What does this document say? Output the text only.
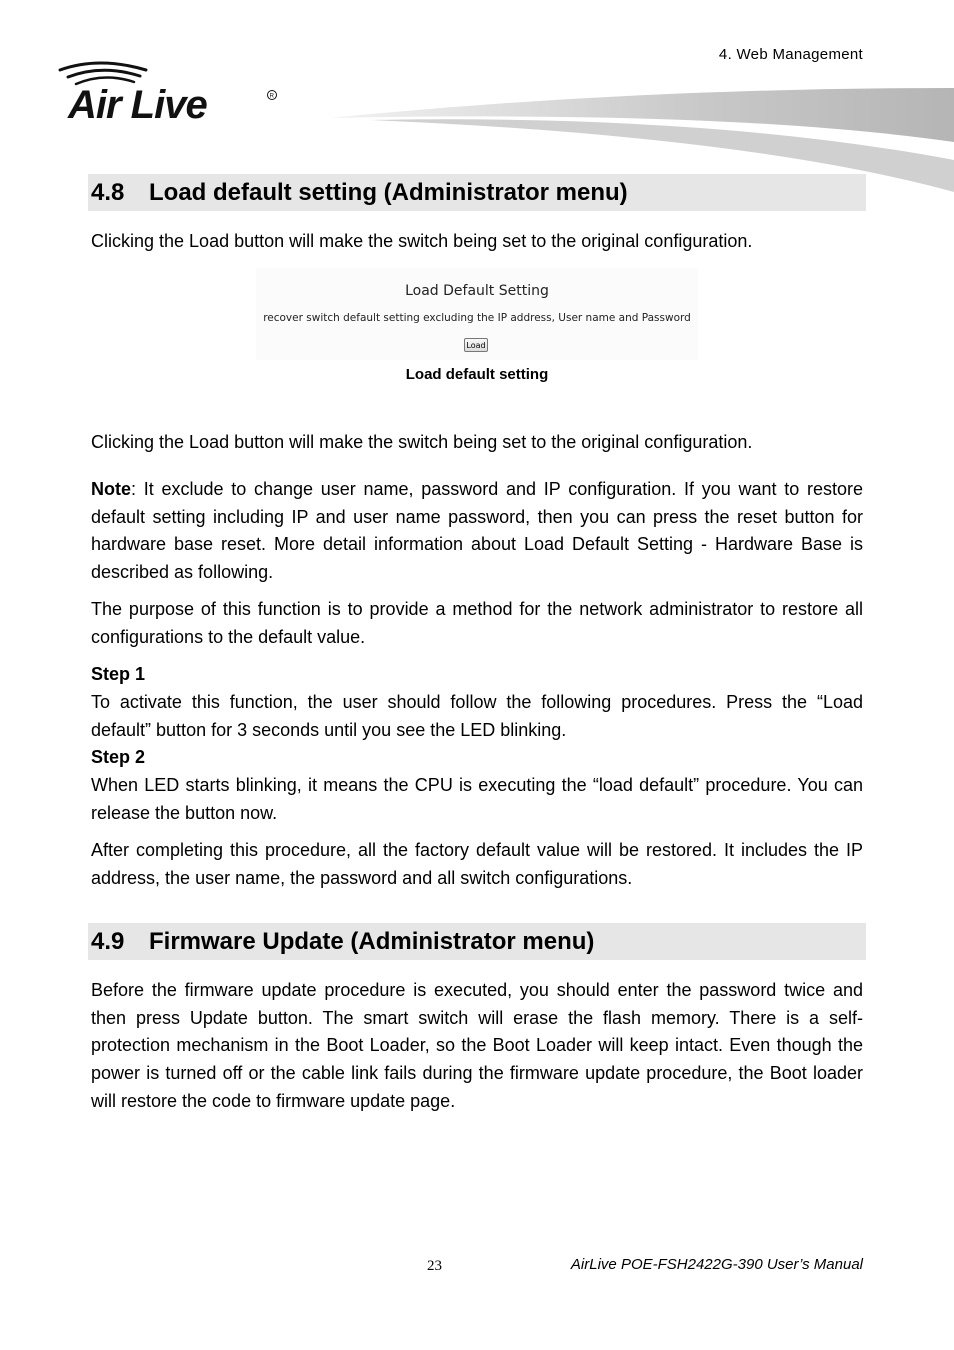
4. Web Management
Air Live	R
4.8	Load default setting (Administrator menu)
Clicking the Load button will make the switch being set to the original configuration.
Load Default Setting
recover switch default setting excluding the IP address, User name and Password
Load
Load default setting
Clicking the Load button will make the switch being set to the original configuration.
Note: It exclude to change user name, password and IP configuration. If you want to restore default setting including IP and user name password, then you can press the reset button for hardware base reset. More detail information about Load Default Setting - Hardware Base is described as following.
The purpose of this function is to provide a method for the network administrator to restore all configurations to the default value.
Step 1
To activate this function, the user should follow the following procedures. Press the “Load default” button for 3 seconds until you see the LED blinking.
Step 2
When LED starts blinking, it means the CPU is executing the “load default” procedure. You can release the button now.
After completing this procedure, all the factory default value will be restored. It includes the IP address, the user name, the password and all switch configurations.
4.9	Firmware Update (Administrator menu)
Before the firmware update procedure is executed, you should enter the password twice and then press Update button. The smart switch will erase the flash memory. There is a self-protection mechanism in the Boot Loader, so the Boot Loader will keep intact. Even though the power is turned off or the cable link fails during the firmware update procedure, the Boot loader will restore the code to firmware update page.
23	AirLive POE-FSH2422G-390 User’s Manual
